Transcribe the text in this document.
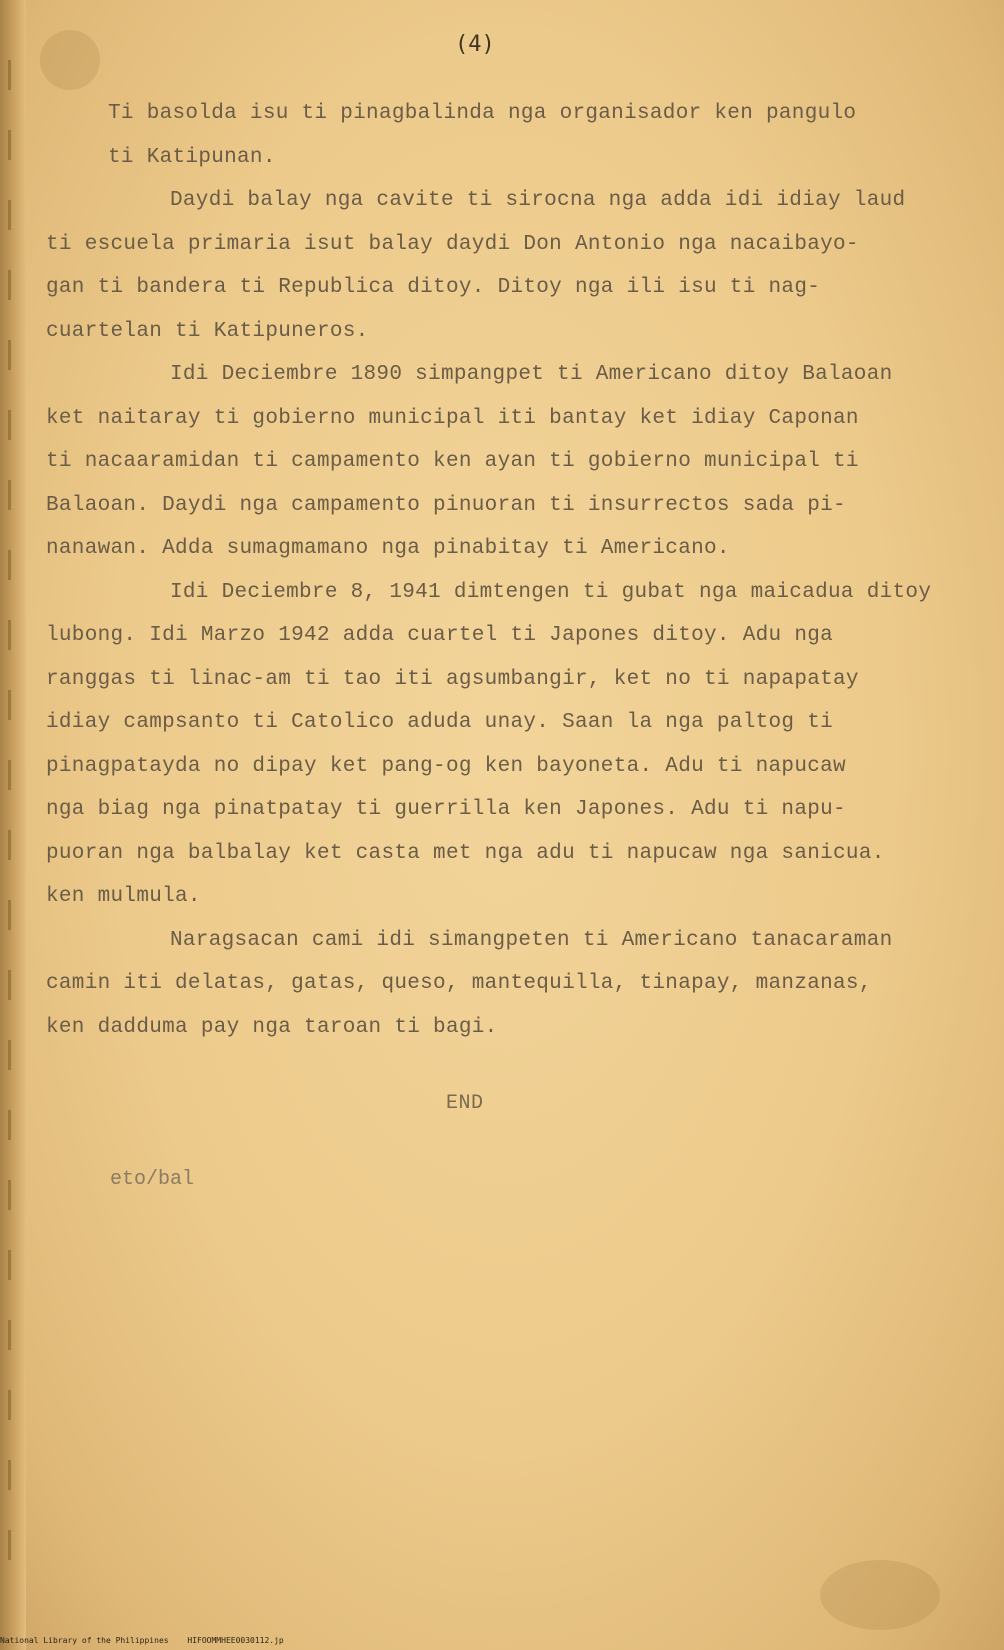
(4)

Ti basolda isu ti pinagbalinda nga organisador ken pangulo
ti Katipunan.

Daydi balay nga cavite ti sirocna nga adda idi idiay laud
ti escuela primaria isut balay daydi Don Antonio nga nacaibayo-
gan ti bandera ti Republica ditoy. Ditoy nga ili isu ti nag-
cuartelan ti Katipuneros.

Idi Deciembre 1890 simpangpet ti Americano ditoy Balaoan
ket naitaray ti gobierno municipal iti bantay ket idiay Caponan
ti nacaaramidan ti campamento ken ayan ti gobierno municipal ti
Balaoan. Daydi nga campamento pinuoran ti insurrectos sada pi-
nanawan. Adda sumagmamano nga pinabitay ti Americano.

Idi Deciembre 8, 1941 dimtengen ti gubat nga maicadua ditoy
lubong. Idi Marzo 1942 adda cuartel ti Japones ditoy. Adu nga
ranggas ti linac-am ti tao iti agsumbangir, ket no ti napapatay
idiay campsanto ti Catolico aduda unay. Saan la nga paltog ti
pinagpatayda no dipay ket pang-og ken bayoneta. Adu ti napucaw
nga biag nga pinatpatay ti guerrilla ken Japones. Adu ti napu-
puoran nga balbalay ket casta met nga adu ti napucaw nga sanicua.
ken mulmula.

Naragsacan cami idi simangpeten ti Americano tanacaraman
camin iti delatas, gatas, queso, mantequilla, tinapay, manzanas,
ken dadduma pay nga taroan ti bagi.

END
eto/bal
National Library of the Philippines HIFOOMMHEE0030112.jp
